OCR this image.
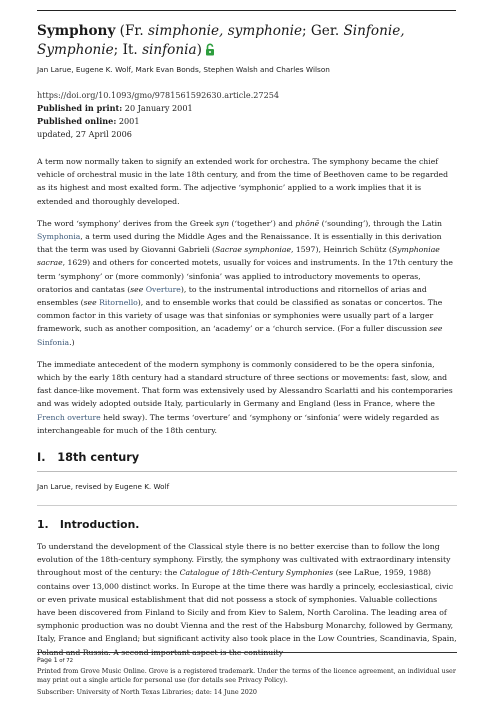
Symphony (Fr. simphonie, symphonie; Ger. Sinfonie, Symphonie; It. sinfonia)
Jan Larue, Eugene K. Wolf, Mark Evan Bonds, Stephen Walsh and Charles Wilson
https://doi.org/10.1093/gmo/9781561592630.article.27254
Published in print: 20 January 2001
Published online: 2001
updated, 27 April 2006

A term now normally taken to signify an extended work for orchestra. The symphony became the chief vehicle of orchestral music in the late 18th century, and from the time of Beethoven came to be regarded as its highest and most exalted form. The adjective ‘symphonic’ applied to a work implies that it is extended and thoroughly developed.

The word ‘symphony’ derives from the Greek syn (‘together’) and phōnē (‘sounding’), through the Latin Symphonia, a term used during the Middle Ages and the Renaissance. It is essentially in this derivation that the term was used by Giovanni Gabrieli (Sacrae symphoniae, 1597), Heinrich Schütz (Symphoniae sacrae, 1629) and others for concerted motets, usually for voices and instruments. In the 17th century the term ‘symphony’ or (more commonly) ‘sinfonia’ was applied to introductory movements to operas, oratorios and cantatas (see Overture), to the instrumental introductions and ritornellos of arias and ensembles (see Ritornello), and to ensemble works that could be classified as sonatas or concertos. The common factor in this variety of usage was that sinfonias or symphonies were usually part of a larger framework, such as another composition, an ‘academy’ or a ‘church service. (For a fuller discussion see Sinfonia.)

The immediate antecedent of the modern symphony is commonly considered to be the opera sinfonia, which by the early 18th century had a standard structure of three sections or movements: fast, slow, and fast dance-like movement. That form was extensively used by Alessandro Scarlatti and his contemporaries and was widely adopted outside Italy, particularly in Germany and England (less in France, where the French overture held sway). The terms ‘overture’ and ‘symphony or ‘sinfonia’ were widely regarded as interchangeable for much of the 18th century.

I.   18th century
Jan Larue, revised by Eugene K. Wolf
1.   Introduction.

To understand the development of the Classical style there is no better exercise than to follow the long evolution of the 18th-century symphony. Firstly, the symphony was cultivated with extraordinary intensity throughout most of the century: the Catalogue of 18th-Century Symphonies (see LaRue, 1959, 1988) contains over 13,000 distinct works. In Europe at the time there was hardly a princely, ecclesiastical, civic or even private musical establishment that did not possess a stock of symphonies. Valuable collections have been discovered from Finland to Sicily and from Kiev to Salem, North Carolina. The leading area of symphonic production was no doubt Vienna and the rest of the Habsburg Monarchy, followed by Germany, Italy, France and England; but significant activity also took place in the Low Countries, Scandinavia, Spain,

Page 1 of 72
Printed from Grove Music Online. Grove is a registered trademark. Under the terms of the licence agreement, an individual user may print out a single article for personal use (for details see Privacy Policy).
Subscriber: University of North Texas Libraries; date: 14 June 2020
